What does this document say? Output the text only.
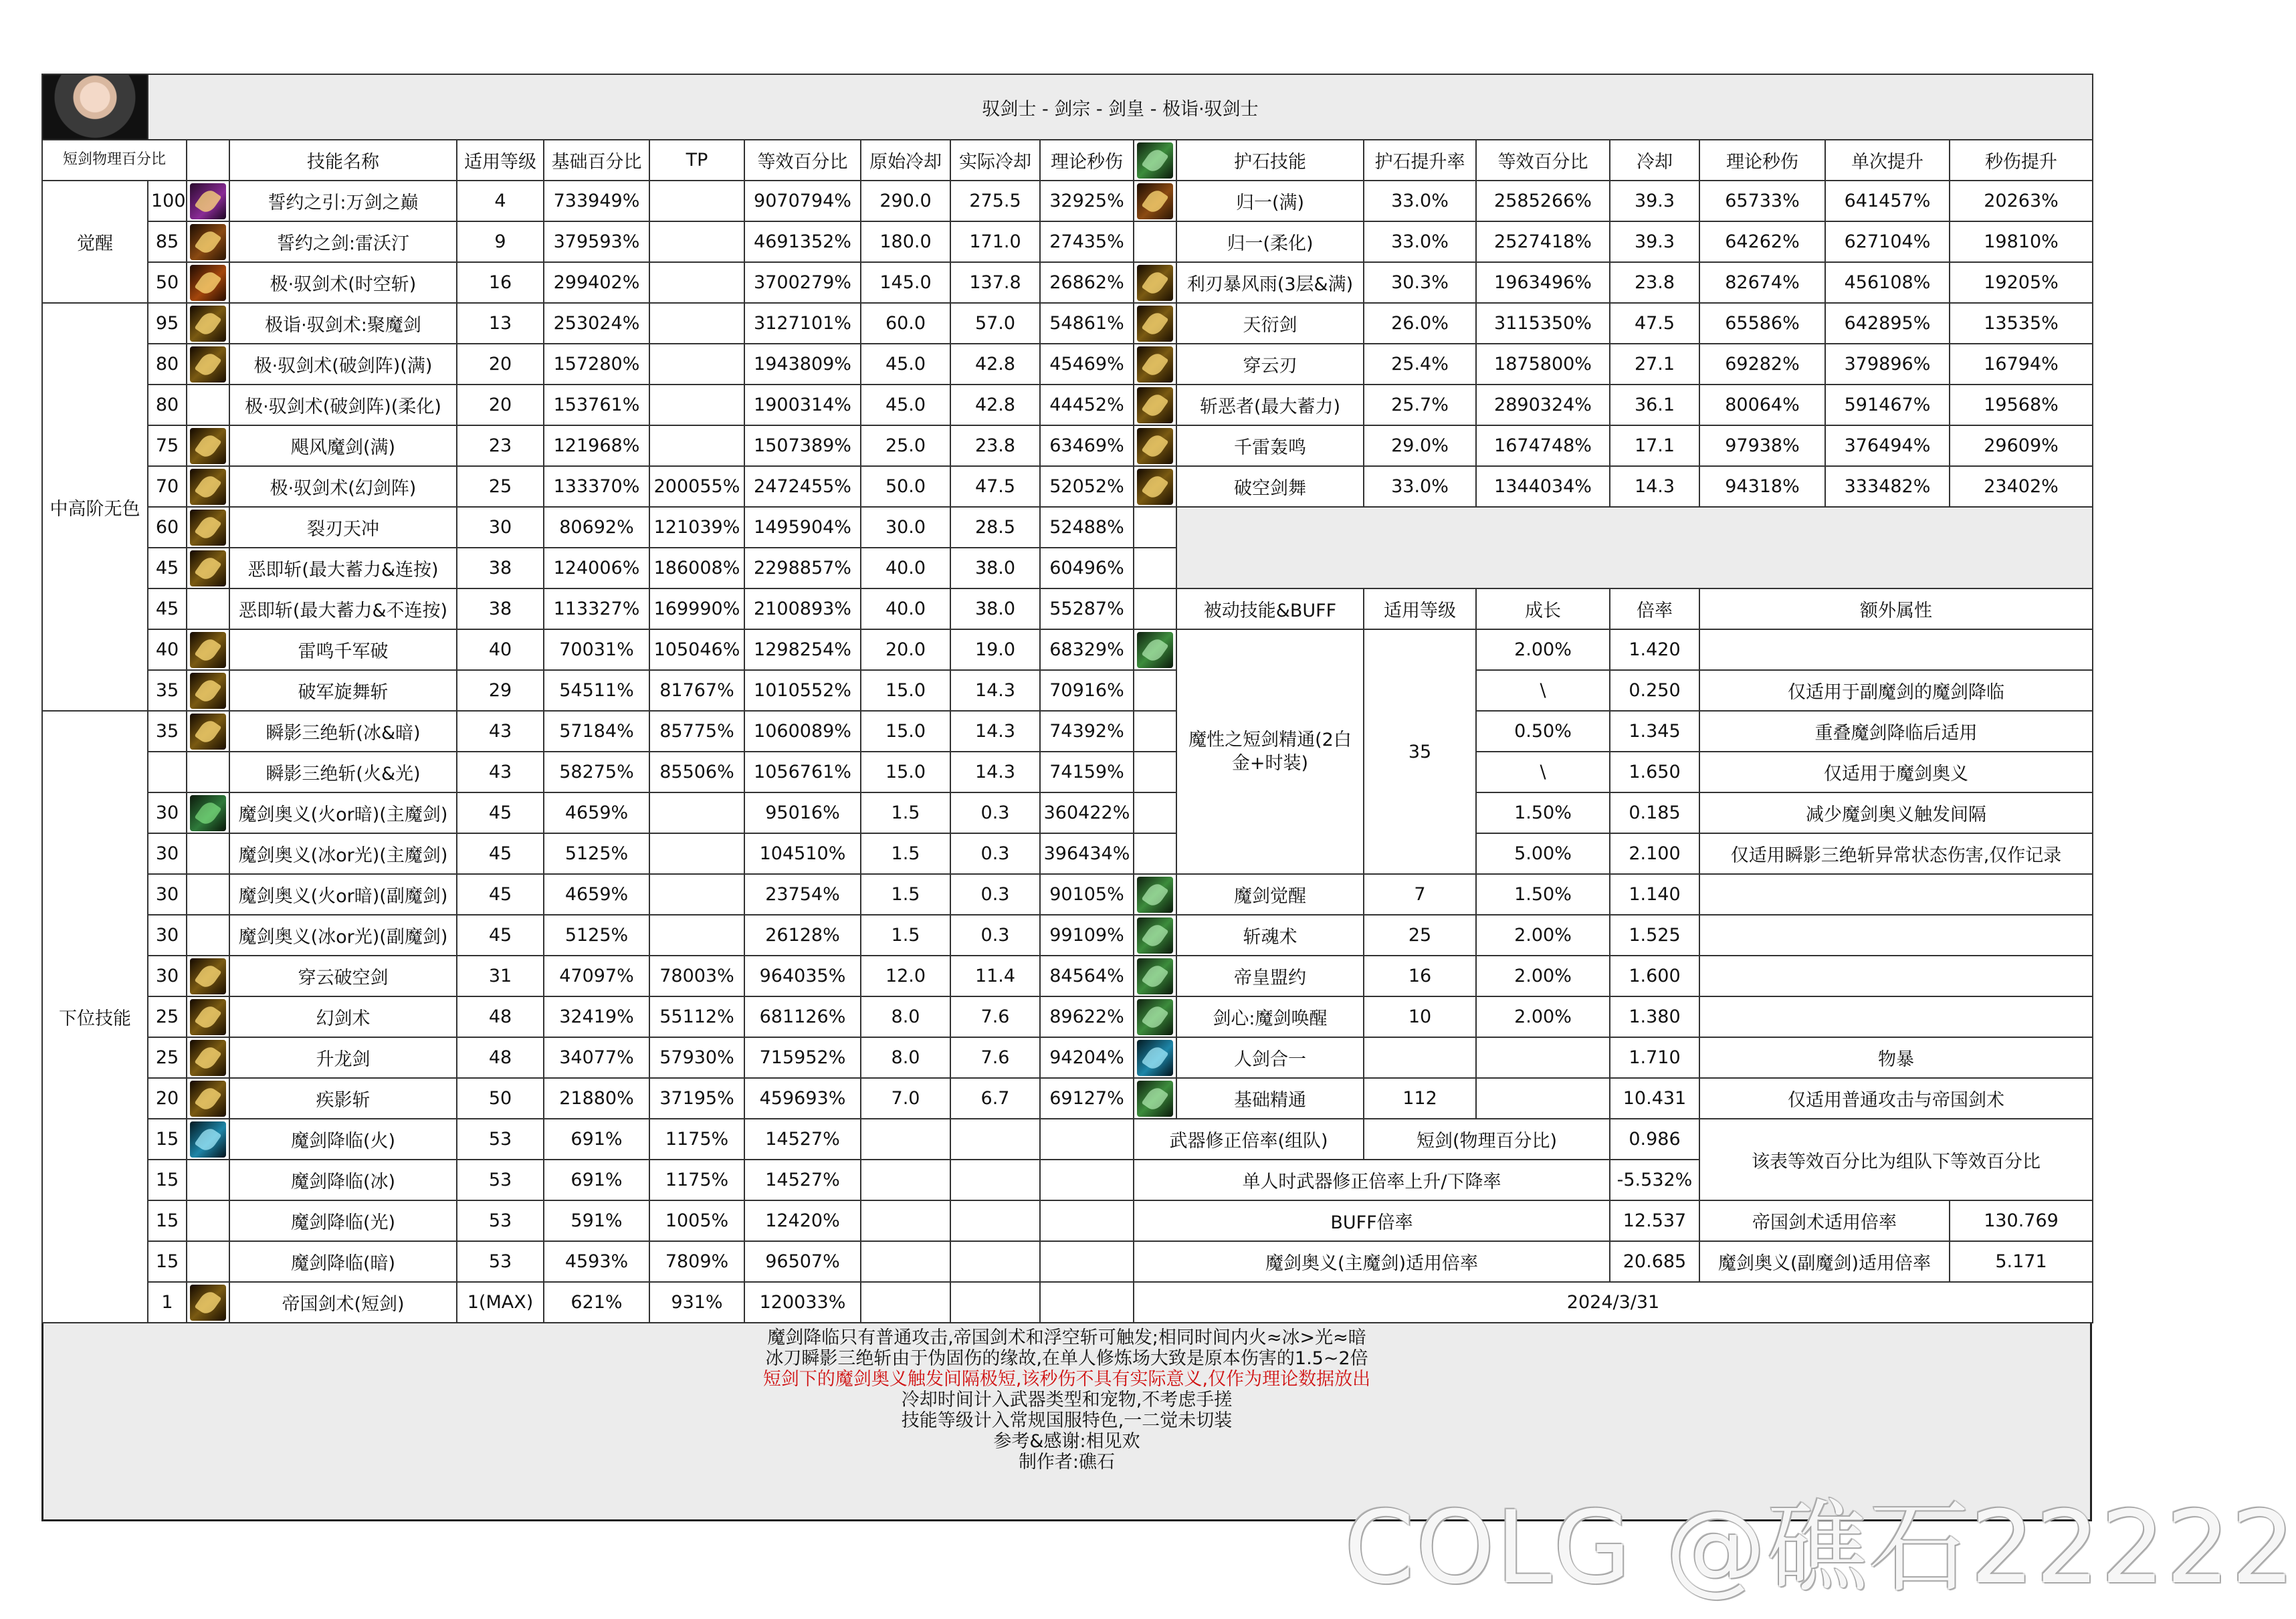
	驭剑士 - 剑宗 - 剑皇 - 极诣·驭剑士																	
短剑物理百分比			技能名称	适用等级	基础百分比	TP	等效百分比	原始冷却	实际冷却	理论秒伤		护石技能	护石提升率	等效百分比	冷却	理论秒伤	单次提升	秒伤提升
觉醒	100		誓约之引:万剑之巅	4	733949%		9070794%	290.0	275.5	32925%		归一(满)	33.0%	2585266%	39.3	65733%	641457%	20263%
	85		誓约之剑:雷沃汀	9	379593%		4691352%	180.0	171.0	27435%		归一(柔化)	33.0%	2527418%	39.3	64262%	627104%	19810%
	50		极·驭剑术(时空斩)	16	299402%		3700279%	145.0	137.8	26862%		利刃暴风雨(3层&满)	30.3%	1963496%	23.8	82674%	456108%	19205%
中高阶无色	95		极诣·驭剑术:聚魔剑	13	253024%		3127101%	60.0	57.0	54861%		天衍剑	26.0%	3115350%	47.5	65586%	642895%	13535%
	80		极·驭剑术(破剑阵)(满)	20	157280%		1943809%	45.0	42.8	45469%		穿云刃	25.4%	1875800%	27.1	69282%	379896%	16794%
	80		极·驭剑术(破剑阵)(柔化)	20	153761%		1900314%	45.0	42.8	44452%		斩恶者(最大蓄力)	25.7%	2890324%	36.1	80064%	591467%	19568%
	75		飓风魔剑(满)	23	121968%		1507389%	25.0	23.8	63469%		千雷轰鸣	29.0%	1674748%	17.1	97938%	376494%	29609%
	70		极·驭剑术(幻剑阵)	25	133370%	200055%	2472455%	50.0	47.5	52052%		破空剑舞	33.0%	1344034%	14.3	94318%	333482%	23402%
	60		裂刃天冲	30	80692%	121039%	1495904%	30.0	28.5	52488%								
	45		恶即斩(最大蓄力&连按)	38	124006%	186008%	2298857%	40.0	38.0	60496%								
	45		恶即斩(最大蓄力&不连按)	38	113327%	169990%	2100893%	40.0	38.0	55287%		被动技能&BUFF	适用等级	成长	倍率	额外属性		
	40		雷鸣千军破	40	70031%	105046%	1298254%	20.0	19.0	68329%		魔性之短剑精通(2白金+时装)	35	2.00%	1.420			
	35		破军旋舞斩	29	54511%	81767%	1010552%	15.0	14.3	70916%				\	0.250	仅适用于副魔剑的魔剑降临		
下位技能	35		瞬影三绝斩(冰&暗)	43	57184%	85775%	1060089%	15.0	14.3	74392%				0.50%	1.345	重叠魔剑降临后适用		
			瞬影三绝斩(火&光)	43	58275%	85506%	1056761%	15.0	14.3	74159%				\	1.650	仅适用于魔剑奥义		
	30		魔剑奥义(火or暗)(主魔剑)	45	4659%		95016%	1.5	0.3	360422%				1.50%	0.185	减少魔剑奥义触发间隔		
	30		魔剑奥义(冰or光)(主魔剑)	45	5125%		104510%	1.5	0.3	396434%				5.00%	2.100	仅适用瞬影三绝斩异常状态伤害,仅作记录		
	30		魔剑奥义(火or暗)(副魔剑)	45	4659%		23754%	1.5	0.3	90105%		魔剑觉醒	7	1.50%	1.140			
	30		魔剑奥义(冰or光)(副魔剑)	45	5125%		26128%	1.5	0.3	99109%		斩魂术	25	2.00%	1.525			
	30		穿云破空剑	31	47097%	78003%	964035%	12.0	11.4	84564%		帝皇盟约	16	2.00%	1.600			
	25		幻剑术	48	32419%	55112%	681126%	8.0	7.6	89622%		剑心:魔剑唤醒	10	2.00%	1.380			
	25		升龙剑	48	34077%	57930%	715952%	8.0	7.6	94204%		人剑合一			1.710	物暴		
	20		疾影斩	50	21880%	37195%	459693%	7.0	6.7	69127%		基础精通	112		10.431	仅适用普通攻击与帝国剑术		
	15		魔剑降临(火)	53	691%	1175%	14527%				武器修正倍率(组队)		短剑(物理百分比)		0.986	该表等效百分比为组队下等效百分比		
	15		魔剑降临(冰)	53	691%	1175%	14527%				单人时武器修正倍率上升/下降率				-5.532%			
	15		魔剑降临(光)	53	591%	1005%	12420%				BUFF倍率				12.537	帝国剑术适用倍率		130.769
	15		魔剑降临(暗)	53	4593%	7809%	96507%				魔剑奥义(主魔剑)适用倍率				20.685	魔剑奥义(副魔剑)适用倍率		5.171
	1		帝国剑术(短剑)	1(MAX)	621%	931%	120033%				2024/3/31							
魔剑降临只有普通攻击,帝国剑术和浮空斩可触发;相同时间内火≈冰>光≈暗
冰刀瞬影三绝斩由于伪固伤的缘故,在单人修炼场大致是原本伤害的1.5~2倍
短剑下的魔剑奥义触发间隔极短,该秒伤不具有实际意义,仅作为理论数据放出
冷却时间计入武器类型和宠物,不考虑手搓
技能等级计入常规国服特色,一二觉未切装
参考&感谢:相见欢
制作者:礁石
COLG @礁石22222
